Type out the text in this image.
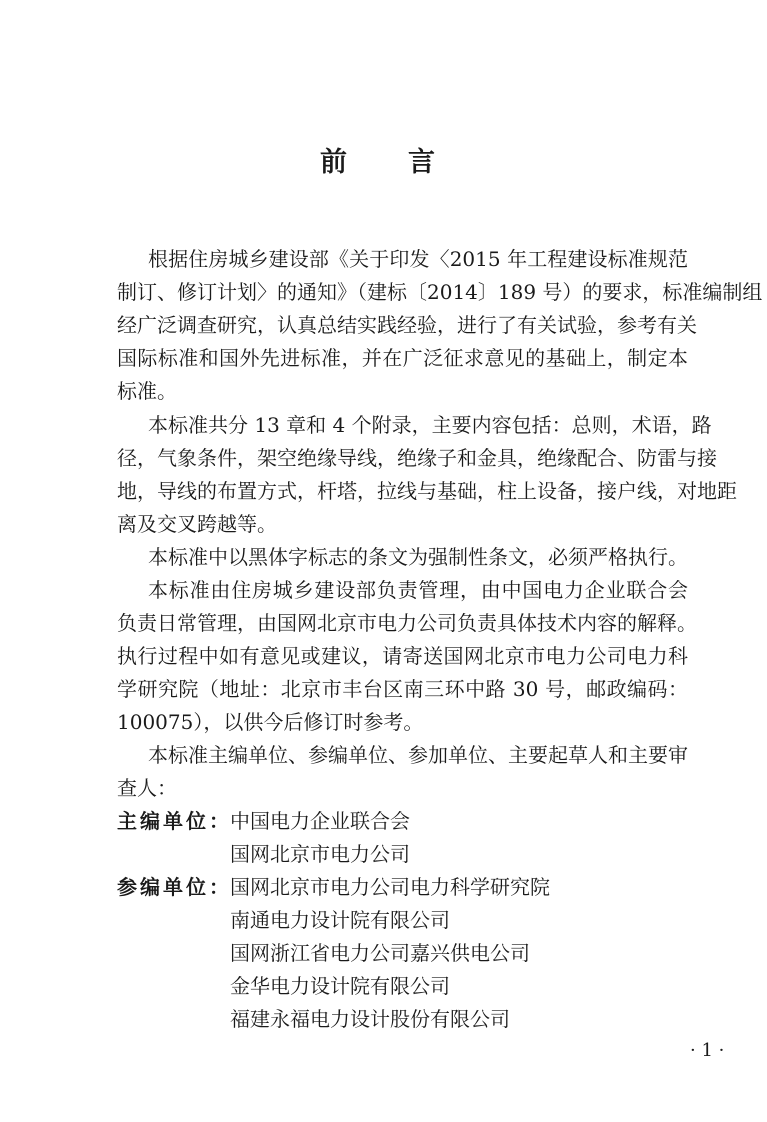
前 言
根据住房城乡建设部《关于印发〈2015 年工程建设标准规范
制订、修订计划〉的通知》（建标〔2014〕189 号）的要求，标准编制组
经广泛调查研究，认真总结实践经验，进行了有关试验，参考有关
国际标准和国外先进标准，并在广泛征求意见的基础上，制定本
标准。
本标准共分 13 章和 4 个附录，主要内容包括：总则，术语，路
径，气象条件，架空绝缘导线，绝缘子和金具，绝缘配合、防雷与接
地，导线的布置方式，杆塔，拉线与基础，柱上设备，接户线，对地距
离及交叉跨越等。
本标准中以黑体字标志的条文为强制性条文，必须严格执行。
本标准由住房城乡建设部负责管理，由中国电力企业联合会
负责日常管理，由国网北京市电力公司负责具体技术内容的解释。
执行过程中如有意见或建议，请寄送国网北京市电力公司电力科
学研究院（地址：北京市丰台区南三环中路 30 号，邮政编码：
100075），以供今后修订时参考。
本标准主编单位、参编单位、参加单位、主要起草人和主要审
查人：
主编单位： 中国电力企业联合会
国网北京市电力公司
参编单位： 国网北京市电力公司电力科学研究院
南通电力设计院有限公司
国网浙江省电力公司嘉兴供电公司
金华电力设计院有限公司
福建永福电力设计股份有限公司
· 1 ·
